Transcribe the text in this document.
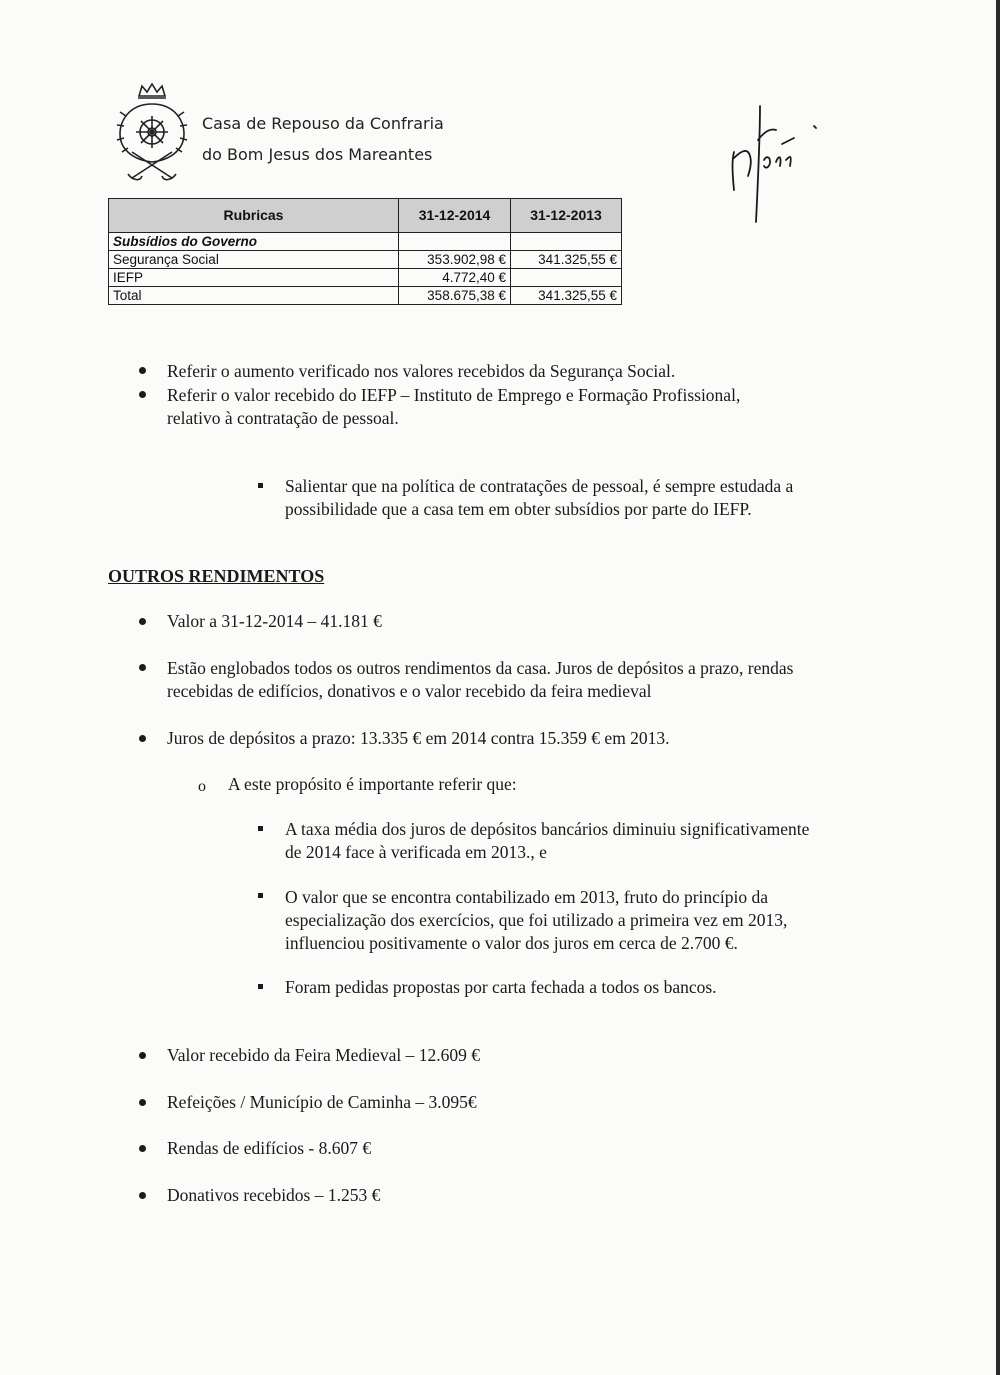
Casa de Repouso da Confraria
do Bom Jesus dos Mareantes
Rubricas	31-12-2014	31-12-2013
Subsídios do Governo		
Segurança Social	353.902,98 €	341.325,55 €
IEFP	4.772,40 €	
Total	358.675,38 €	341.325,55 €
Referir o aumento verificado nos valores recebidos da Segurança Social.
Referir o valor recebido do IEFP – Instituto de Emprego e Formação Profissional,
relativo à contratação de pessoal.
Salientar que na política de contratações de pessoal, é sempre estudada a
possibilidade que a casa tem em obter subsídios por parte do IEFP.
OUTROS RENDIMENTOS
Valor a 31-12-2014 – 41.181 €
Estão englobados todos os outros rendimentos da casa. Juros de depósitos a prazo, rendas
recebidas de edifícios, donativos e o valor recebido da feira medieval
Juros de depósitos a prazo: 13.335 € em 2014 contra 15.359 € em 2013.
o A este propósito é importante referir que:
A taxa média dos juros de depósitos bancários diminuiu significativamente
de 2014 face à verificada em 2013., e
O valor que se encontra contabilizado em 2013, fruto do princípio da
especialização dos exercícios, que foi utilizado a primeira vez em 2013,
influenciou positivamente o valor dos juros em cerca de 2.700 €.
Foram pedidas propostas por carta fechada a todos os bancos.
Valor recebido da Feira Medieval – 12.609 €
Refeições / Município de Caminha – 3.095€
Rendas de edifícios - 8.607 €
Donativos recebidos – 1.253 €
